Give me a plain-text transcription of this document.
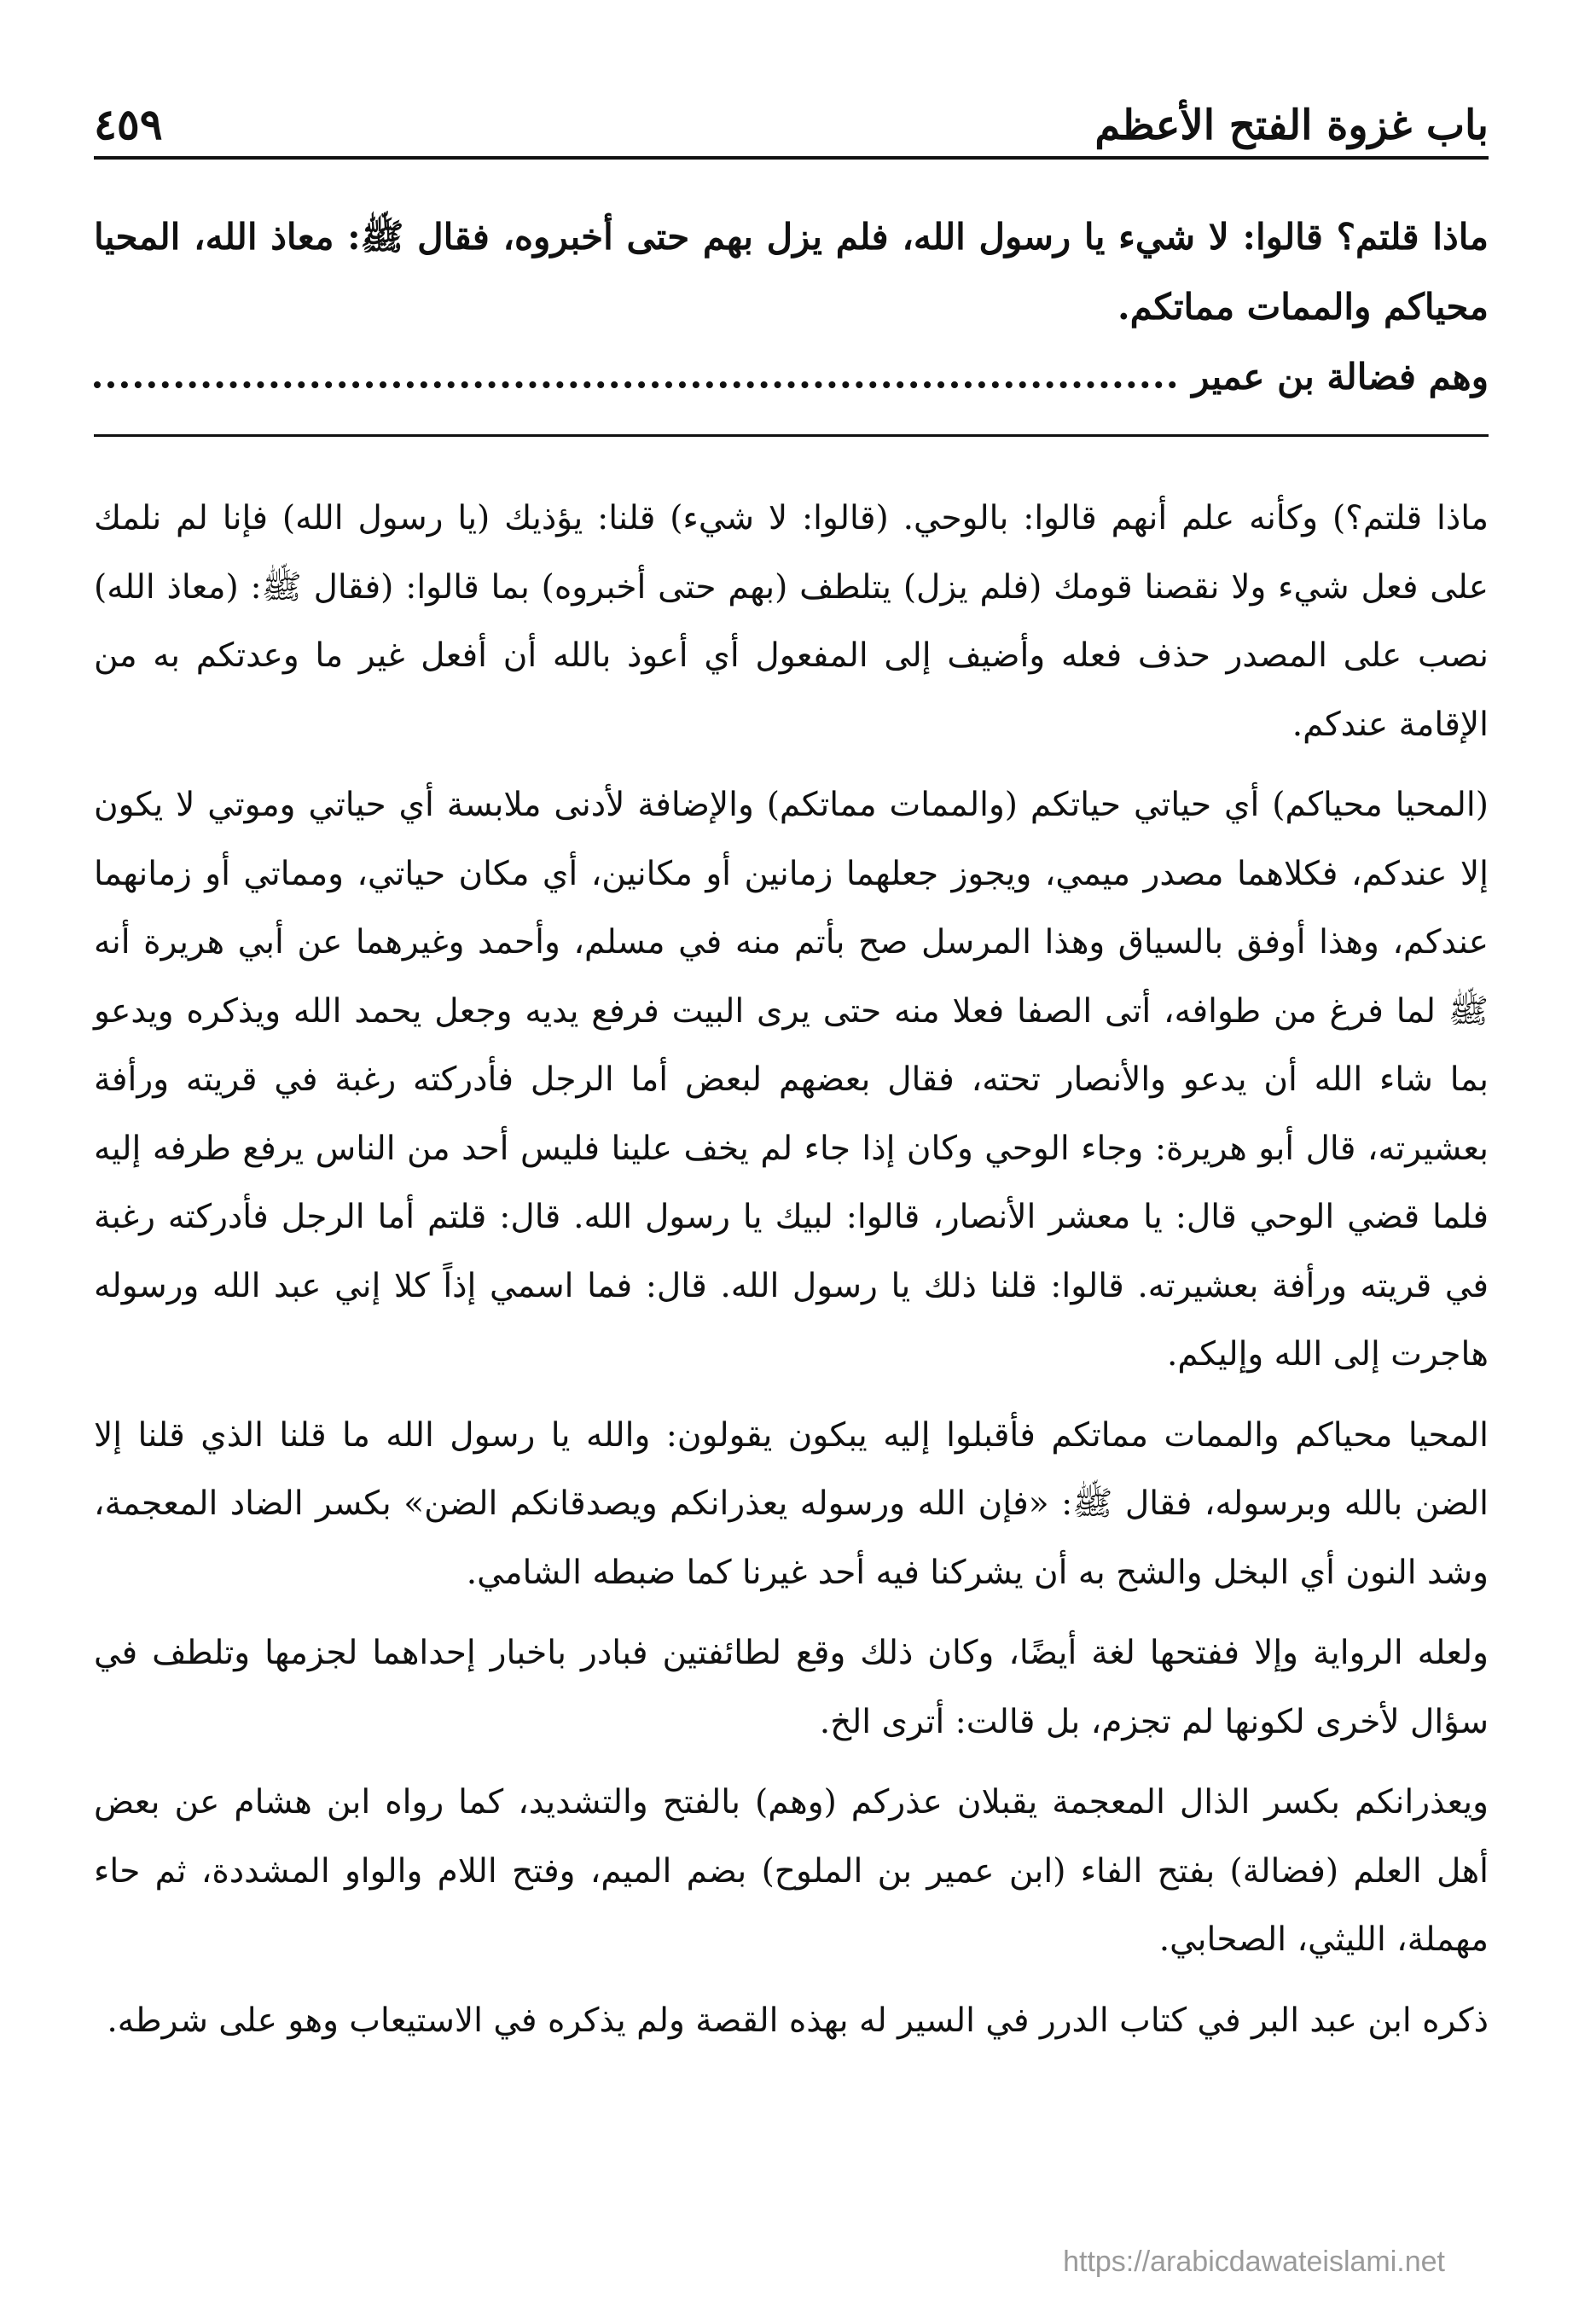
باب غزوة الفتح الأعظم
٤٥٩

ماذا قلتم؟ قالوا: لا شيء يا رسول الله، فلم يزل بهم حتى أخبروه، فقال ﷺ: معاذ الله، المحيا محياكم والممات مماتكم.

وهم فضالة بن عمير

ماذا قلتم؟) وكأنه علم أنهم قالوا: بالوحي. (قالوا: لا شيء) قلنا: يؤذيك (يا رسول الله) فإنا لم نلمك على فعل شيء ولا نقصنا قومك (فلم يزل) يتلطف (بهم حتى أخبروه) بما قالوا: (فقال ﷺ: (معاذ الله) نصب على المصدر حذف فعله وأضيف إلى المفعول أي أعوذ بالله أن أفعل غير ما وعدتكم به من الإقامة عندكم.

(المحيا محياكم) أي حياتي حياتكم (والممات مماتكم) والإضافة لأدنى ملابسة أي حياتي وموتي لا يكون إلا عندكم، فكلاهما مصدر ميمي، ويجوز جعلهما زمانين أو مكانين، أي مكان حياتي، ومماتي أو زمانهما عندكم، وهذا أوفق بالسياق وهذا المرسل صح بأتم منه في مسلم، وأحمد وغيرهما عن أبي هريرة أنه ﷺ لما فرغ من طوافه، أتى الصفا فعلا منه حتى يرى البيت فرفع يديه وجعل يحمد الله ويذكره ويدعو بما شاء الله أن يدعو والأنصار تحته، فقال بعضهم لبعض أما الرجل فأدركته رغبة في قريته ورأفة بعشيرته، قال أبو هريرة: وجاء الوحي وكان إذا جاء لم يخف علينا فليس أحد من الناس يرفع طرفه إليه فلما قضي الوحي قال: يا معشر الأنصار، قالوا: لبيك يا رسول الله. قال: قلتم أما الرجل فأدركته رغبة في قريته ورأفة بعشيرته. قالوا: قلنا ذلك يا رسول الله. قال: فما اسمي إذاً كلا إني عبد الله ورسوله هاجرت إلى الله وإليكم.

المحيا محياكم والممات مماتكم فأقبلوا إليه يبكون يقولون: والله يا رسول الله ما قلنا الذي قلنا إلا الضن بالله وبرسوله، فقال ﷺ: «فإن الله ورسوله يعذرانكم ويصدقانكم الضن» بكسر الضاد المعجمة، وشد النون أي البخل والشح به أن يشركنا فيه أحد غيرنا كما ضبطه الشامي.

ولعله الرواية وإلا ففتحها لغة أيضًا، وكان ذلك وقع لطائفتين فبادر باخبار إحداهما لجزمها وتلطف في سؤال لأخرى لكونها لم تجزم، بل قالت: أترى الخ.

ويعذرانكم بكسر الذال المعجمة يقبلان عذركم (وهم) بالفتح والتشديد، كما رواه ابن هشام عن بعض أهل العلم (فضالة) بفتح الفاء (ابن عمير بن الملوح) بضم الميم، وفتح اللام والواو المشددة، ثم حاء مهملة، الليثي، الصحابي.

ذكره ابن عبد البر في كتاب الدرر في السير له بهذه القصة ولم يذكره في الاستيعاب وهو على شرطه.

https://arabicdawateislami.net
